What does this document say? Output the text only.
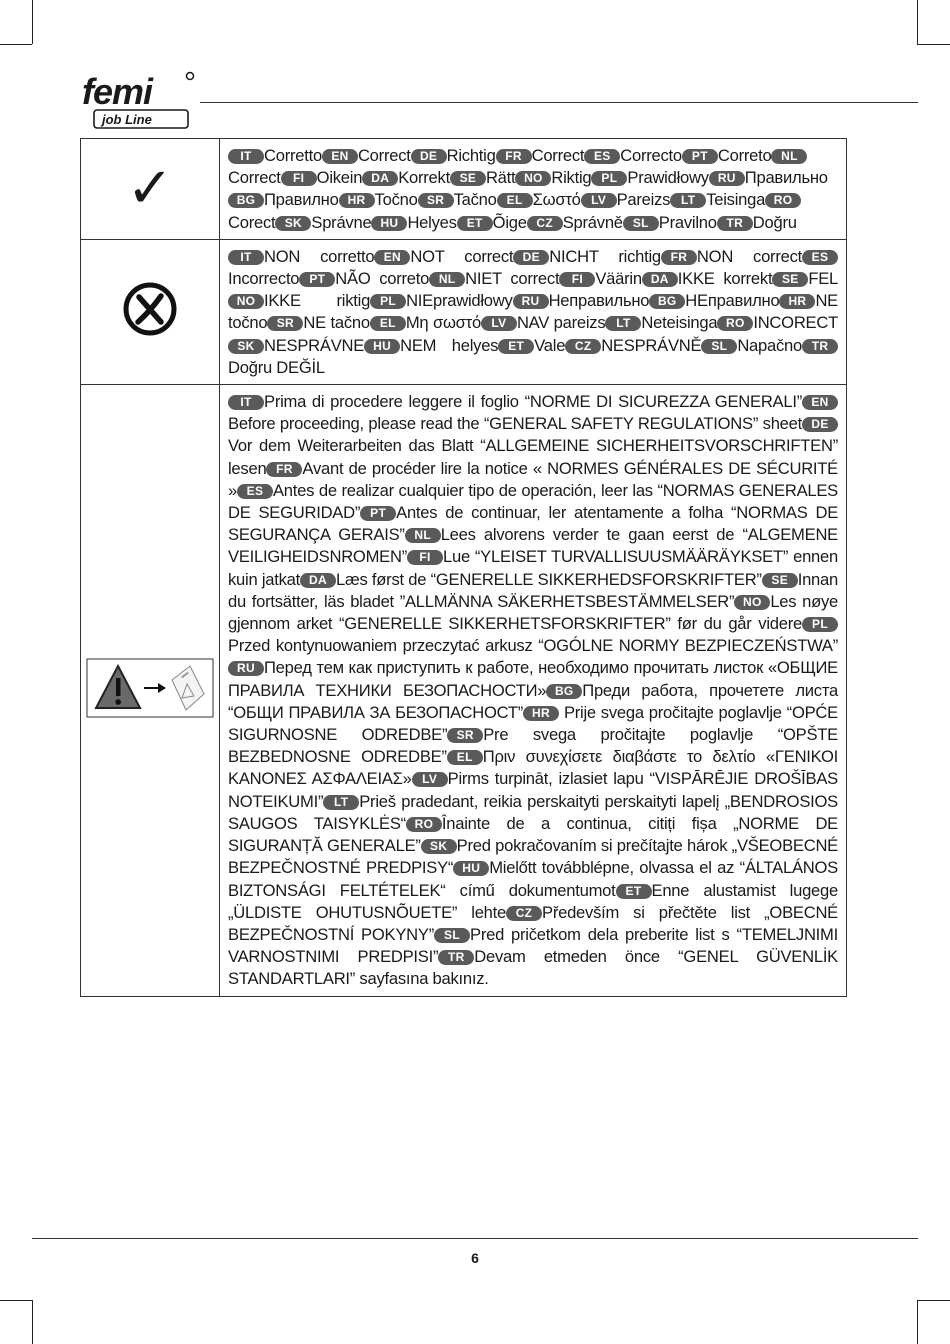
femi
job Line
✓	IT Corretto EN Correct DE Richtig FR Correct ES Correcto PT Correto NLCorrect FI Oikein DA Korrekt SE Rätt NO Riktig PL Prawidłowy RU ПравильноBG Правилно HR Točno SR Tačno EL Σωστό LV Pareizs LT Teisinga ROCorect SK Správne HU Helyes ET Õige CZ Správně SL Pravilno TR Doğru
	IT NON corretto EN NOT correct DE NICHT richtig FR NON correct ESIncorrecto PT NÃO correto NL NIET correct FI Väärin DA IKKE korrekt SE FELNO IKKE riktig PL NIEprawidłowy RU Неправильно BG НЕправилно HR NE točno SR NE tačno EL Μη σωστό LV NAV pareizs LT Neteisinga RO INCORECTSK NESPRÁVNE HU NEM helyes ET Vale CZ NESPRÁVNĚ SL Napačno TRDoğru DEĞİL
	IT Prima di procedere leggere il foglio “NORME DI SICUREZZA GENERALI” ENBefore proceeding, please read the “GENERAL SAFETY REGULATIONS” sheet DEVor dem Weiterarbeiten das Blatt “ALLGEMEINE SICHERHEITSVORSCHRIFTEN” lesen FR Avant de procéder lire la notice « NORMES GÉNÉRALES DE SÉCURITÉ » ES Antes de realizar cualquier tipo de operación, leer las “NORMAS GENERALES DE SEGURIDAD” PT Antes de continuar, ler atentamente a folha “NORMAS DE SEGURANÇA GERAIS” NL Lees alvorens verder te gaan eerst de “ALGEMENE VEILIGHEIDSNROMEN” FI Lue “YLEISET TURVALLISUUSMÄÄRÄYKSET” ennen kuin jatkat DA Læs først de “GENERELLE SIKKERHEDSFORSKRIFTER” SE Innan du fortsätter, läs bladet ”ALLMÄNNA SÄKERHETSBESTÄMMELSER” NO Les nøye gjennom arket “GENERELLE SIKKERHETSFORSKRIFTER” før du går videre PLPrzed kontynuowaniem przeczytać arkusz “OGÓLNE NORMY BEZPIECZEŃSTWA”RU Перед тем как приступить к работе, необходимо прочитать листок «ОБЩИЕ ПРАВИЛА ТЕХНИКИ БЕЗОПАСНОСТИ» BG Преди работа, прочетете листа “ОБЩИ ПРАВИЛА ЗА БЕЗОПАСНОСТ” HR Prije svega pročitajte poglavlje “OPĆE SIGURNOSNE ODREDBE” SR Pre svega pročitajte poglavlje “OPŠTE BEZBEDNOSNE ODREDBE” EL Πριν συνεχίσετε διαβάστε το δελτίο «ΓΕΝΙΚΟΙ ΚΑΝΟΝΕΣ ΑΣΦΑΛΕΙΑΣ» LV Pirms turpināt, izlasiet lapu “VISPĀRĒJIE DROŠĪBAS NOTEIKUMI” LT Prieš pradedant, reikia perskaityti perskaityti lapelį „BENDROSIOS SAUGOS TAISYKLĖS“ RO Înainte de a continua, citiți fișa „NORME DE SIGURANȚĂ GENERALE” SK Pred pokračovaním si prečítajte hárok „VŠEOBECNÉ BEZPEČNOSTNÉ PREDPISY“ HU Mielőtt továbblépne, olvassa el az “ÁLTALÁNOS BIZTONSÁGI FELTÉTELEK“ című dokumentumot ET Enne alustamist lugege „ÜLDISTE OHUTUSNÕUETE” lehte CZ Především si přečtěte list „OBECNÉ BEZPEČNOSTNÍ POKYNY” SL Pred pričetkom dela preberite list s “TEMELJNIMI VARNOSTNIMI PREDPISI” TR Devam etmeden önce “GENEL GÜVENLİK STANDARTLARI” sayfasına bakınız.
6
